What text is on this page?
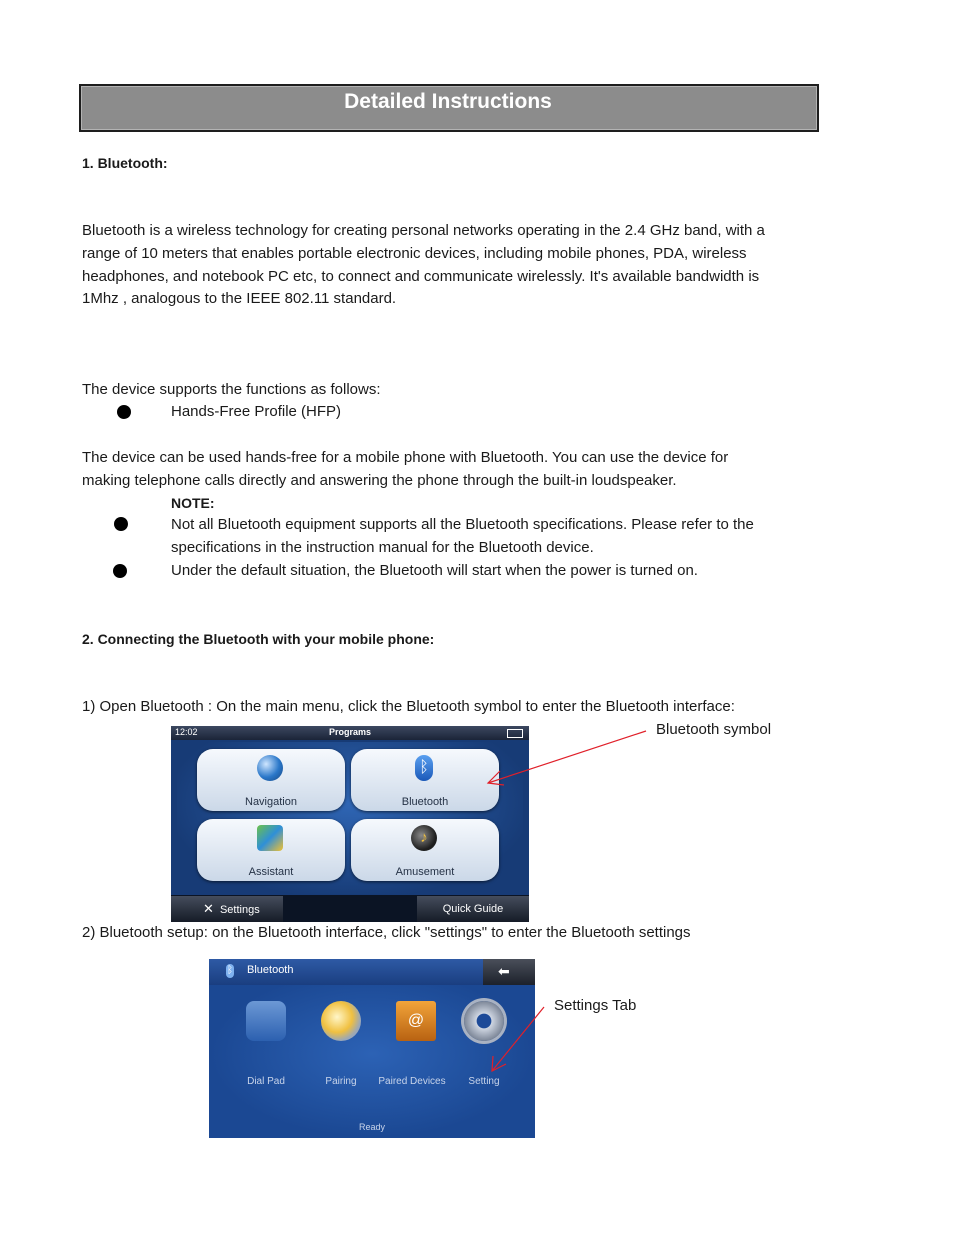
Detailed Instructions
1. Bluetooth:
Bluetooth is a wireless technology for creating personal networks operating in the 2.4 GHz band, with a
range of 10 meters that enables portable electronic devices, including mobile phones, PDA, wireless
headphones, and notebook PC etc, to connect and communicate wirelessly. It's available bandwidth is
1Mhz , analogous to the IEEE 802.11 standard.
The device supports the functions as follows:
Hands-Free Profile (HFP)
The device can be used hands-free for a mobile phone with Bluetooth. You can use the device for
making telephone calls directly and answering the phone through the built-in loudspeaker.
NOTE:
Not all Bluetooth equipment supports all the Bluetooth specifications. Please refer to the
specifications in the instruction manual for the Bluetooth device.
Under the default situation, the Bluetooth will start when the power is turned on.
2. Connecting the Bluetooth with your mobile phone:
1) Open Bluetooth : On the main menu, click the Bluetooth symbol to enter the Bluetooth interface:
Bluetooth symbol
12:02	Programs
Navigation
ᛒ
Bluetooth
Assistant
♪
Amusement
✕ Settings	Quick Guide
2) Bluetooth setup: on the Bluetooth interface, click "settings" to enter the Bluetooth settings
Settings Tab
ᛒ Bluetooth	⬅
@
Dial Pad	Pairing	Paired Devices	Setting
Ready
